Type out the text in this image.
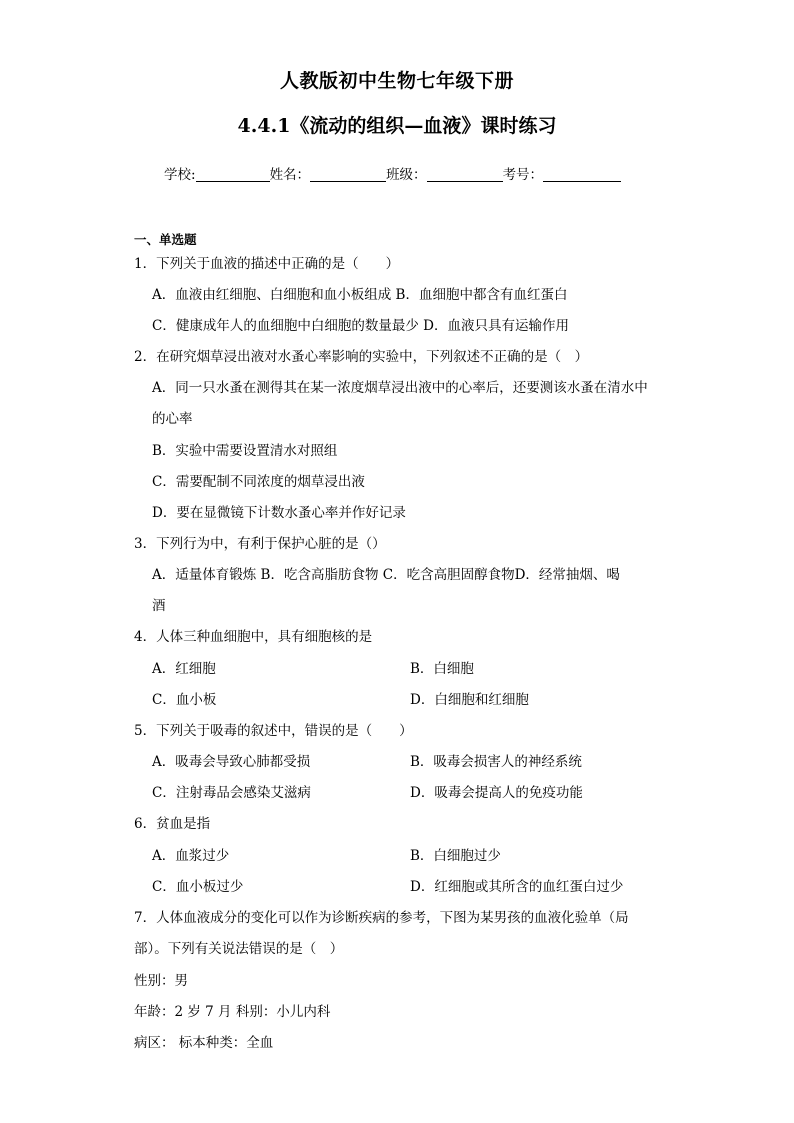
人教版初中生物七年级下册
4.4.1《流动的组织—血液》课时练习
学校:	姓名：	班级：	考号：
一、单选题
1．下列关于血液的描述中正确的是（　　）
A．血液由红细胞、白细胞和血小板组成 B．血细胞中都含有血红蛋白
C．健康成年人的血细胞中白细胞的数量最少 D．血液只具有运输作用
2．在研究烟草浸出液对水蚤心率影响的实验中，下列叙述不正确的是（　）
A．同一只水蚤在测得其在某一浓度烟草浸出液中的心率后，还要测该水蚤在清水中
的心率
B．实验中需要设置清水对照组
C．需要配制不同浓度的烟草浸出液
D．要在显微镜下计数水蚤心率并作好记录
3．下列行为中，有利于保护心脏的是（）
A．适量体育锻炼 B．吃含高脂肪食物 C．吃含高胆固醇食物D．经常抽烟、喝
酒
4．人体三种血细胞中，具有细胞核的是
A．红细胞	B．白细胞
C．血小板	D．白细胞和红细胞
5．下列关于吸毒的叙述中，错误的是（　　）
A．吸毒会导致心肺都受损	B．吸毒会损害人的神经系统
C．注射毒品会感染艾滋病	D．吸毒会提高人的免疫功能
6．贫血是指
A．血浆过少	B．白细胞过少
C．血小板过少	D．红细胞或其所含的血红蛋白过少
7．人体血液成分的变化可以作为诊断疾病的参考，下图为某男孩的血液化验单（局
部）。下列有关说法错误的是（　）
性别：男
年龄：2 岁 7 月 科别：小儿内科
病区： 标本种类：全血
